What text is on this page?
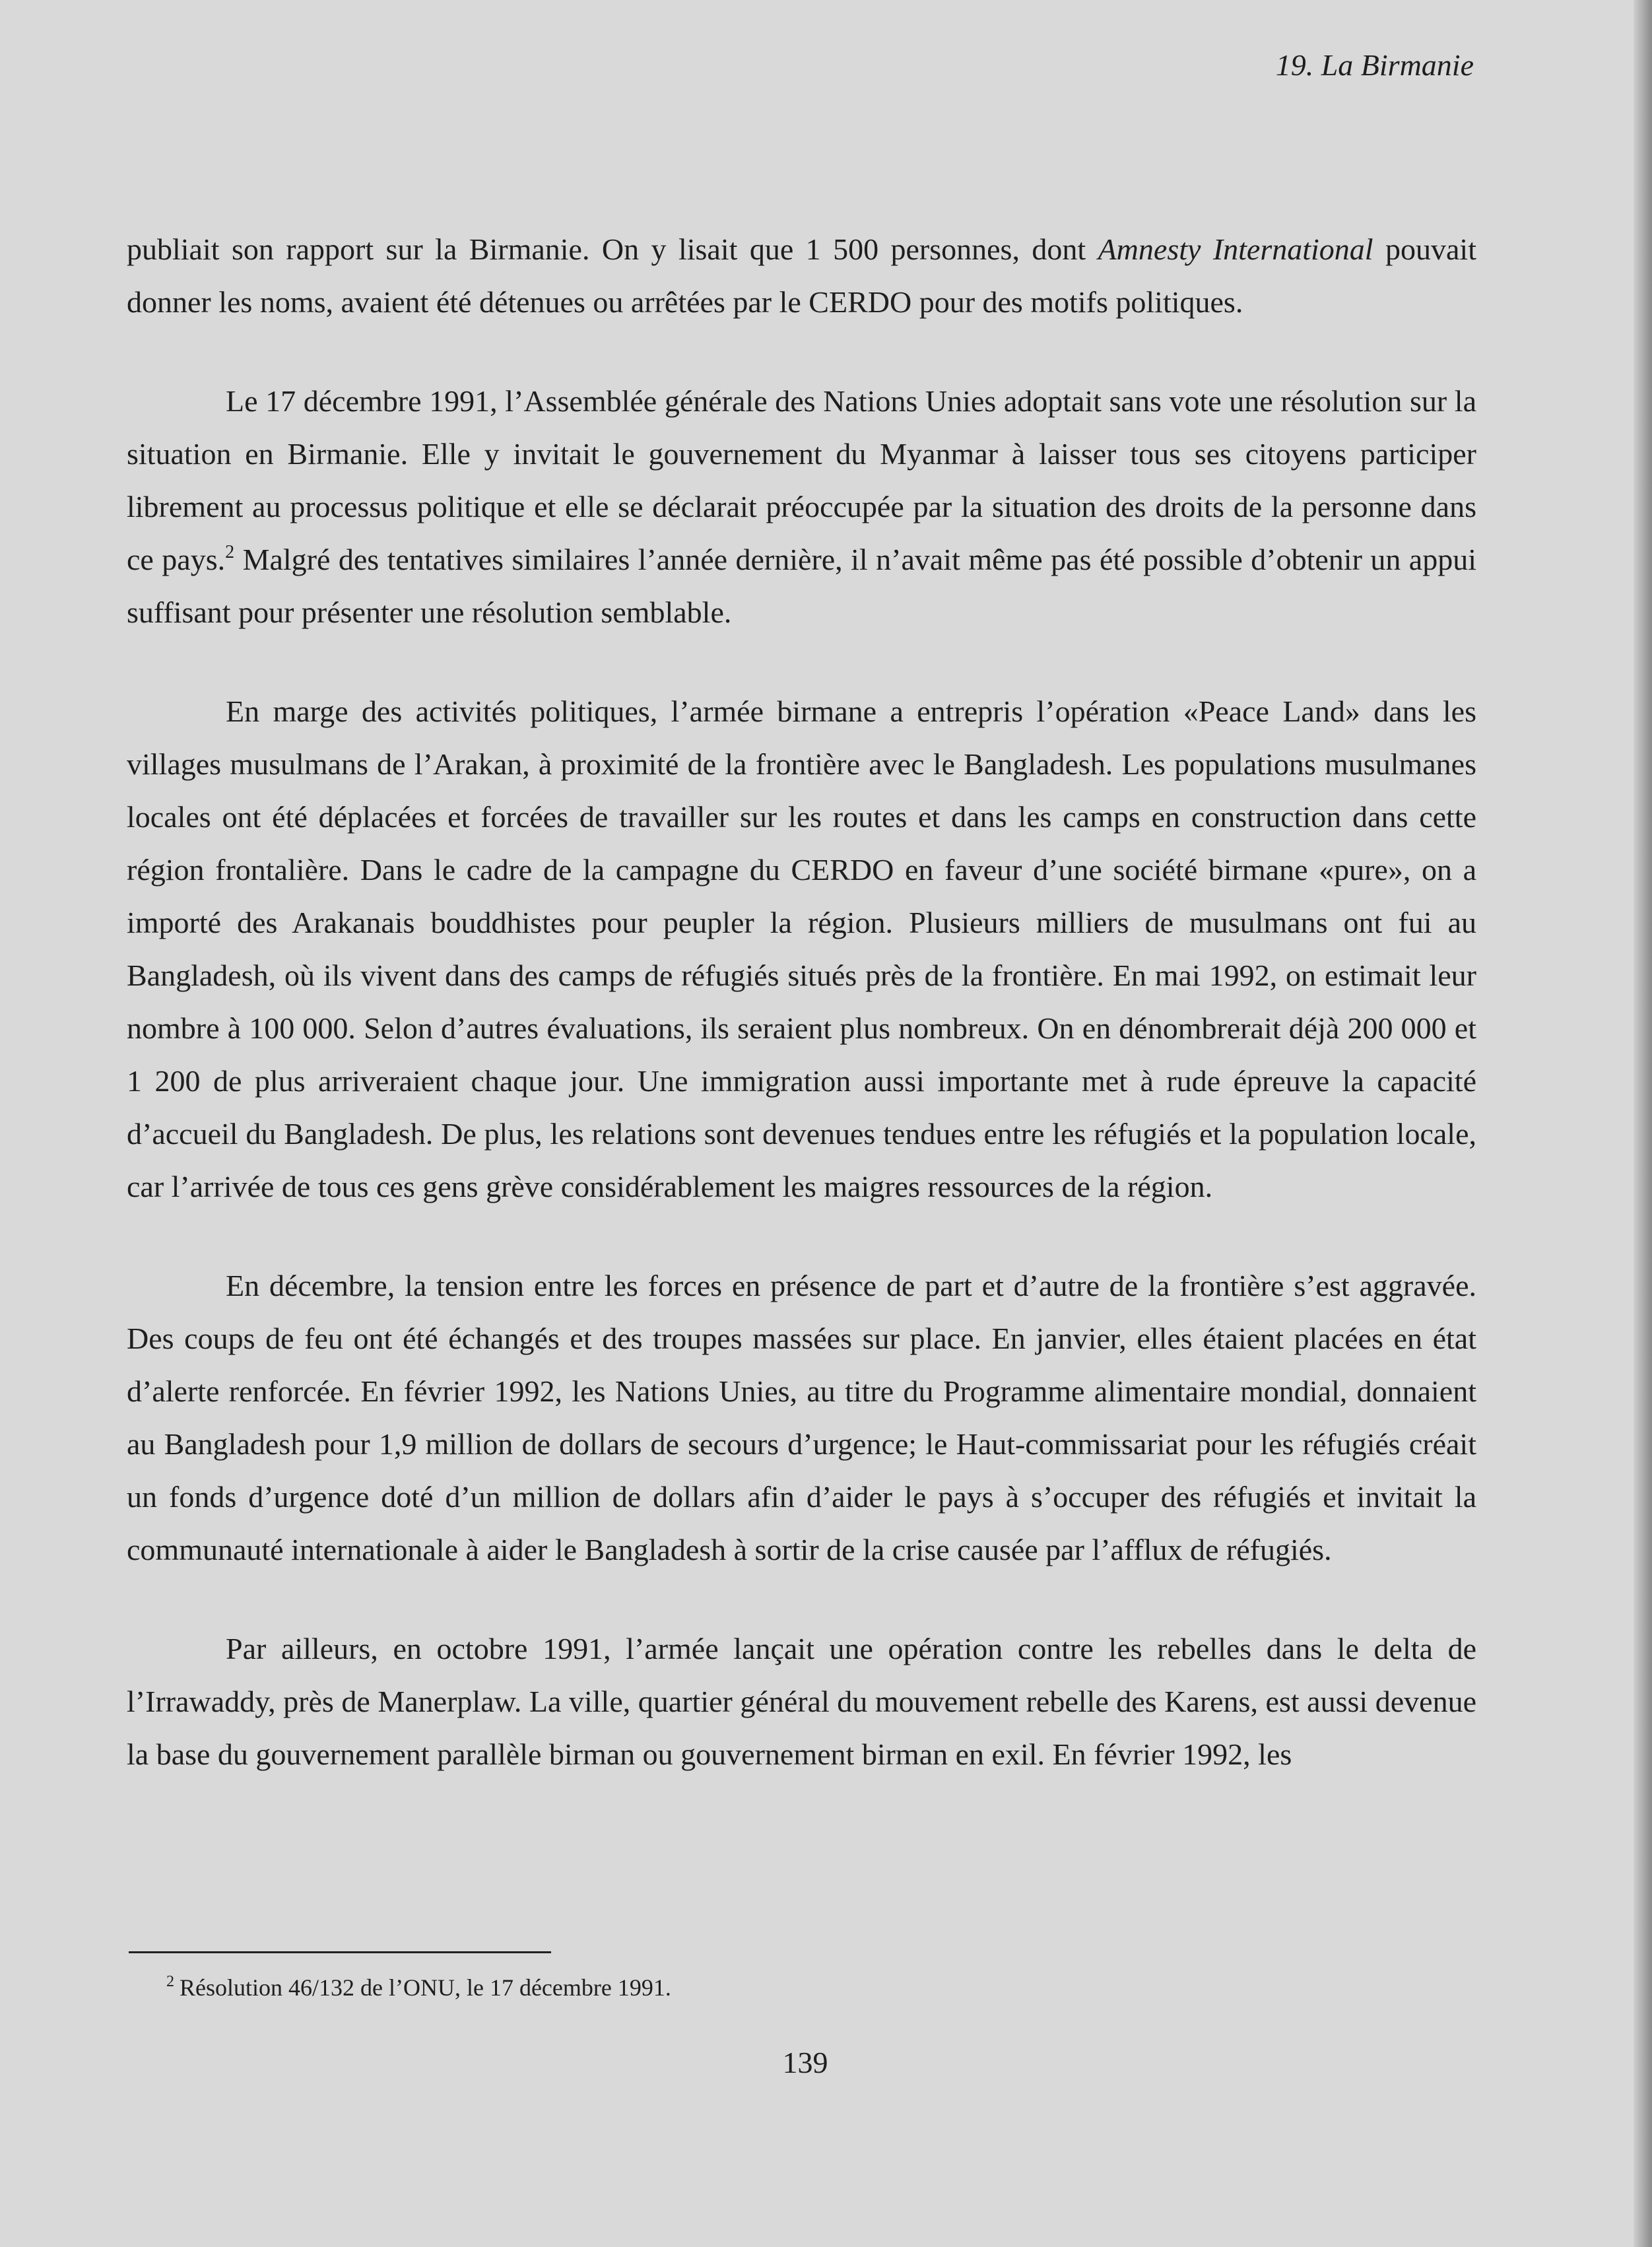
19. La Birmanie

publiait son rapport sur la Birmanie. On y lisait que 1 500 personnes, dont Amnesty International pouvait donner les noms, avaient été détenues ou arrêtées par le CERDO pour des motifs politiques.

Le 17 décembre 1991, l’Assemblée générale des Nations Unies adoptait sans vote une résolution sur la situation en Birmanie. Elle y invitait le gouvernement du Myanmar à laisser tous ses citoyens participer librement au processus politique et elle se déclarait préoccupée par la situation des droits de la personne dans ce pays.$^2$ Malgré des tentatives similaires l’année dernière, il n’avait même pas été possible d’obtenir un appui suffisant pour présenter une résolution semblable.

En marge des activités politiques, l’armée birmane a entrepris l’opération «Peace Land» dans les villages musulmans de l’Arakan, à proximité de la frontière avec le Bangladesh. Les populations musulmanes locales ont été déplacées et forcées de travailler sur les routes et dans les camps en construction dans cette région frontalière. Dans le cadre de la campagne du CERDO en faveur d’une société birmane «pure», on a importé des Arakanais bouddhistes pour peupler la région. Plusieurs milliers de musulmans ont fui au Bangladesh, où ils vivent dans des camps de réfugiés situés près de la frontière. En mai 1992, on estimait leur nombre à 100 000. Selon d’autres évaluations, ils seraient plus nombreux. On en dénombrerait déjà 200 000 et 1 200 de plus arriveraient chaque jour. Une immigration aussi importante met à rude épreuve la capacité d’accueil du Bangladesh. De plus, les relations sont devenues tendues entre les réfugiés et la population locale, car l’arrivée de tous ces gens grève considérablement les maigres ressources de la région.

En décembre, la tension entre les forces en présence de part et d’autre de la frontière s’est aggravée. Des coups de feu ont été échangés et des troupes massées sur place. En janvier, elles étaient placées en état d’alerte renforcée. En février 1992, les Nations Unies, au titre du Programme alimentaire mondial, donnaient au Bangladesh pour 1,9 million de dollars de secours d’urgence; le Haut-commissariat pour les réfugiés créait un fonds d’urgence doté d’un million de dollars afin d’aider le pays à s’occuper des réfugiés et invitait la communauté internationale à aider le Bangladesh à sortir de la crise causée par l’afflux de réfugiés.

Par ailleurs, en octobre 1991, l’armée lançait une opération contre les rebelles dans le delta de l’Irrawaddy, près de Manerplaw. La ville, quartier général du mouvement rebelle des Karens, est aussi devenue la base du gouvernement parallèle birman ou gouvernement birman en exil. En février 1992, les

$^2$ Résolution 46/132 de l’ONU, le 17 décembre 1991.
139
